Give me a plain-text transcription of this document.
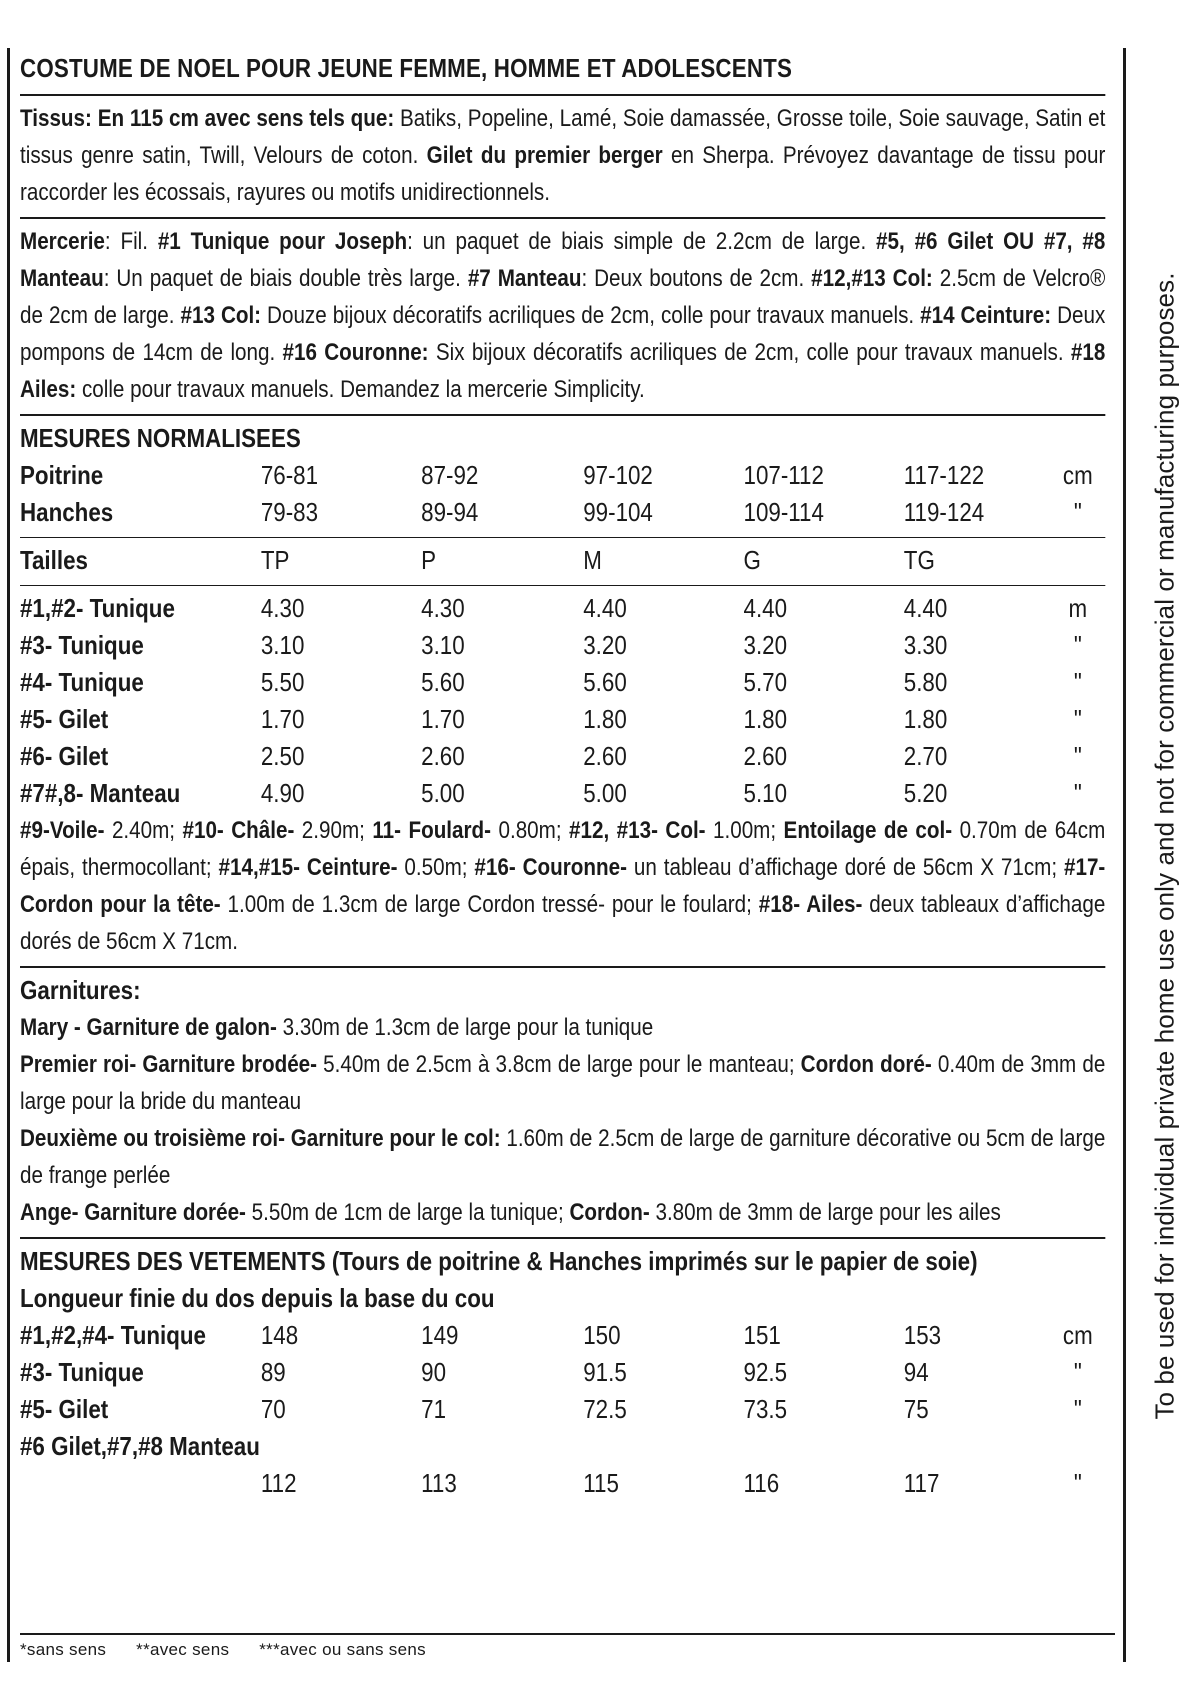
To be used for individual private home use only and not for commercial or manufacturing purposes.
COSTUME DE NOEL POUR JEUNE FEMME, HOMME ET ADOLESCENTS

Tissus: En 115 cm avec sens tels que: Batiks, Popeline, Lamé, Soie damassée, Grosse toile, Soie sauvage, Satin et tissus genre satin, Twill, Velours de coton. Gilet du premier berger en Sherpa. Prévoyez davantage de tissu pour raccorder les écossais, rayures ou motifs unidirectionnels.

Mercerie: Fil. #1 Tunique pour Joseph: un paquet de biais simple de 2.2cm de large. #5, #6 Gilet OU #7, #8 Manteau: Un paquet de biais double très large. #7 Manteau: Deux boutons de 2cm. #12,#13 Col: 2.5cm de Velcro® de 2cm de large. #13 Col: Douze bijoux décoratifs acriliques de 2cm, colle pour travaux manuels. #14 Ceinture: Deux pompons de 14cm de long. #16 Couronne: Six bijoux décoratifs acriliques de 2cm, colle pour travaux manuels. #18 Ailes: colle pour travaux manuels. Demandez la mercerie Simplicity.

MESURES NORMALISEES
Poitrine	76-81	87-92	97-102	107-112	117-122	cm
Hanches	79-83	89-94	99-104	109-114	119-124	"
Tailles	TP	P	M	G	TG	
#1,#2- Tunique	4.30	4.30	4.40	4.40	4.40	m
#3- Tunique	3.10	3.10	3.20	3.20	3.30	"
#4- Tunique	5.50	5.60	5.60	5.70	5.80	"
#5- Gilet	1.70	1.70	1.80	1.80	1.80	"
#6- Gilet	2.50	2.60	2.60	2.60	2.70	"
#7#,8- Manteau	4.90	5.00	5.00	5.10	5.20	"

#9-Voile- 2.40m; #10- Châle- 2.90m; 11- Foulard- 0.80m; #12, #13- Col- 1.00m; Entoilage de col- 0.70m de 64cm épais, thermocollant; #14,#15- Ceinture- 0.50m; #16- Couronne- un tableau d’affichage doré de 56cm X 71cm; #17- Cordon pour la tête- 1.00m de 1.3cm de large Cordon tressé- pour le foulard; #18- Ailes- deux tableaux d’affichage dorés de 56cm X 71cm.

Garnitures:

Mary - Garniture de galon- 3.30m de 1.3cm de large pour la tunique

Premier roi- Garniture brodée- 5.40m de 2.5cm à 3.8cm de large pour le manteau; Cordon doré- 0.40m de 3mm de large pour la bride du manteau

Deuxième ou troisième roi- Garniture pour le col: 1.60m de 2.5cm de large de garniture décorative ou 5cm de large de frange perlée

Ange- Garniture dorée- 5.50m de 1cm de large la tunique; Cordon- 3.80m de 3mm de large pour les ailes

MESURES DES VETEMENTS (Tours de poitrine & Hanches imprimés sur le papier de soie)
Longueur finie du dos depuis la base du cou
#1,#2,#4- Tunique	148	149	150	151	153	cm
#3- Tunique	89	90	91.5	92.5	94	"
#5- Gilet	70	71	72.5	73.5	75	"
#6 Gilet,#7,#8 Manteau						
	112	113	115	116	117	"
*sans sens **avec sens ***avec ou sans sens
